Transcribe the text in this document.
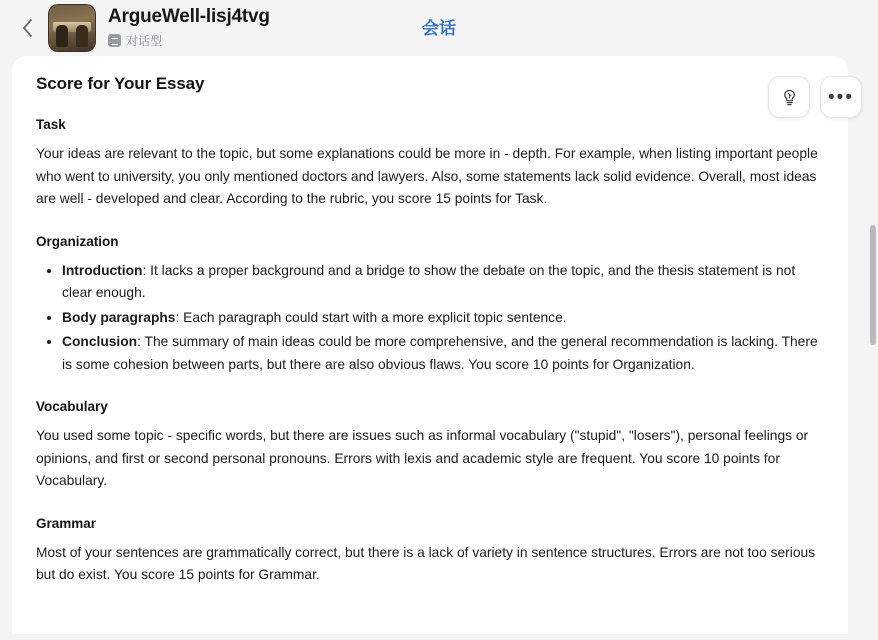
ArgueWell-lisj4tvg
对话型
会话
Score for Your Essay
Task

Your ideas are relevant to the topic, but some explanations could be more in - depth. For example, when listing important people who went to university, you only mentioned doctors and lawyers. Also, some statements lack solid evidence. Overall, most ideas are well - developed and clear. According to the rubric, you score 15 points for Task.

Organization
• Introduction: It lacks a proper background and a bridge to show the debate on the topic, and the thesis statement is not clear enough.
• Body paragraphs: Each paragraph could start with a more explicit topic sentence.
• Conclusion: The summary of main ideas could be more comprehensive, and the general recommendation is lacking. There is some cohesion between parts, but there are also obvious flaws. You score 10 points for Organization.
Vocabulary

You used some topic - specific words, but there are issues such as informal vocabulary ("stupid", "losers"), personal feelings or opinions, and first or second personal pronouns. Errors with lexis and academic style are frequent. You score 10 points for Vocabulary.

Grammar

Most of your sentences are grammatically correct, but there is a lack of variety in sentence structures. Errors are not too serious but do exist. You score 15 points for Grammar.

•••
